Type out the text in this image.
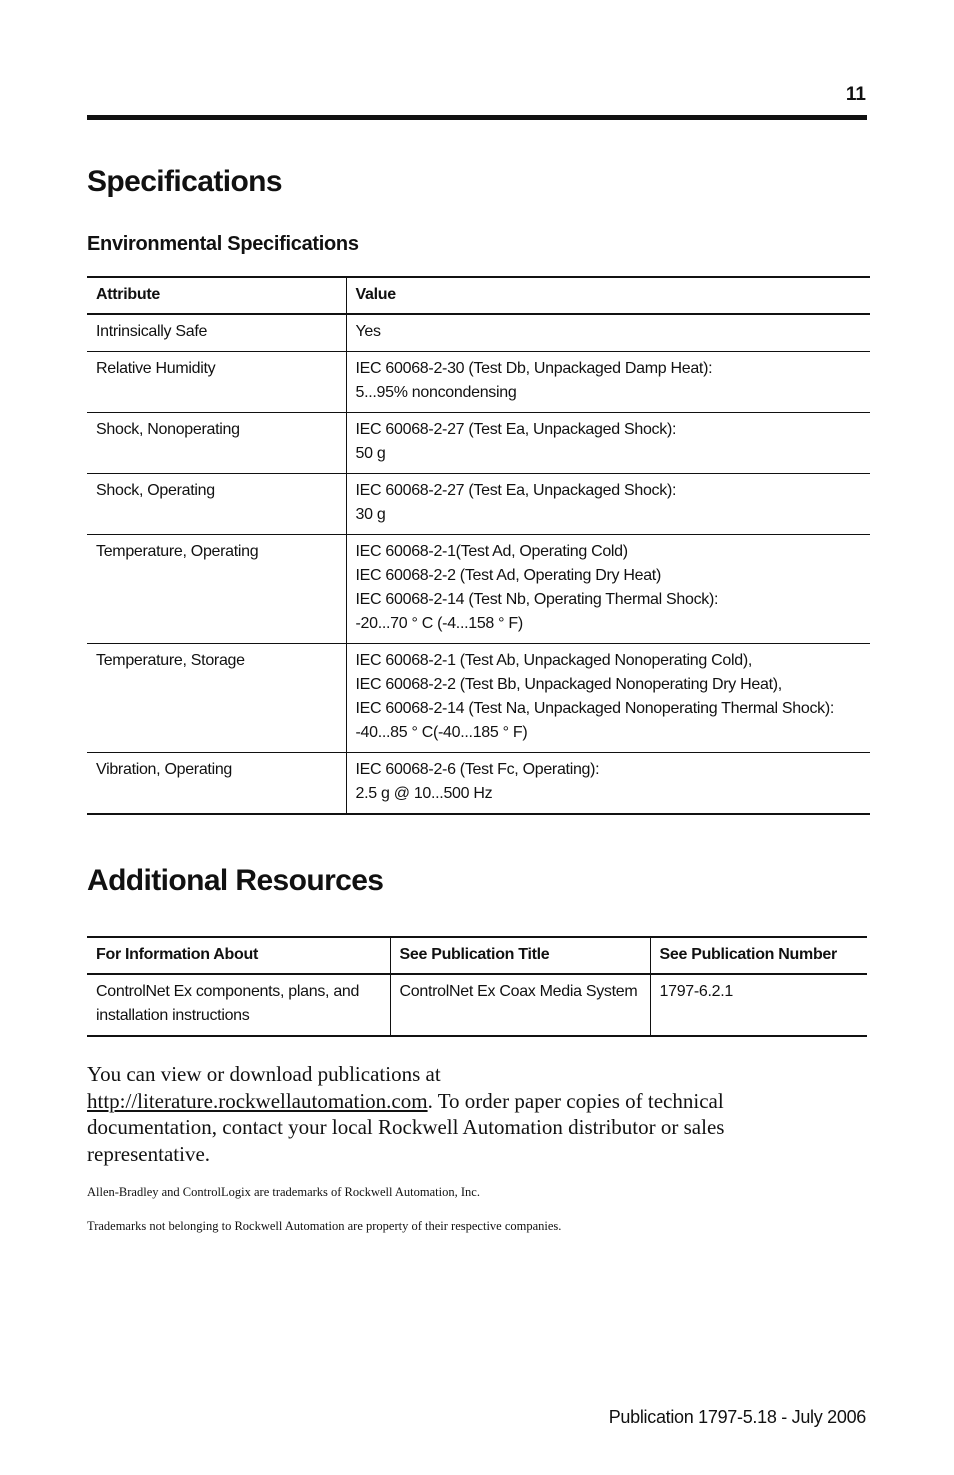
11
Specifications
Environmental Specifications
Attribute	Value
Intrinsically Safe	Yes

Relative Humidity	IEC 60068-2-30 (Test Db, Unpackaged Damp Heat):
5...95% noncondensing

Shock, Nonoperating	IEC 60068-2-27 (Test Ea, Unpackaged Shock):
50 g

Shock, Operating	IEC 60068-2-27 (Test Ea, Unpackaged Shock):
30 g

Temperature, Operating	IEC 60068-2-1(Test Ad, Operating Cold)
IEC 60068-2-2 (Test Ad, Operating Dry Heat)
IEC 60068-2-14 (Test Nb, Operating Thermal Shock):
-20...70 ° C (-4...158 ° F)

Temperature, Storage	IEC 60068-2-1 (Test Ab, Unpackaged Nonoperating Cold),
IEC 60068-2-2 (Test Bb, Unpackaged Nonoperating Dry Heat),
IEC 60068-2-14 (Test Na, Unpackaged Nonoperating Thermal Shock):
-40...85 ° C(-40...185 ° F)

Vibration, Operating	IEC 60068-2-6 (Test Fc, Operating):
2.5 g @ 10...500 Hz
Additional Resources
For Information About	See Publication Title	See Publication Number
ControlNet Ex components, plans, and installation instructions	ControlNet Ex Coax Media System	1797-6.2.1

You can view or download publications at
http://literature.rockwellautomation.com. To order paper copies of technical documentation, contact your local Rockwell Automation distributor or sales representative.

Allen-Bradley and ControlLogix are trademarks of Rockwell Automation, Inc.

Trademarks not belonging to Rockwell Automation are property of their respective companies.

Publication 1797-5.18 - July 2006
